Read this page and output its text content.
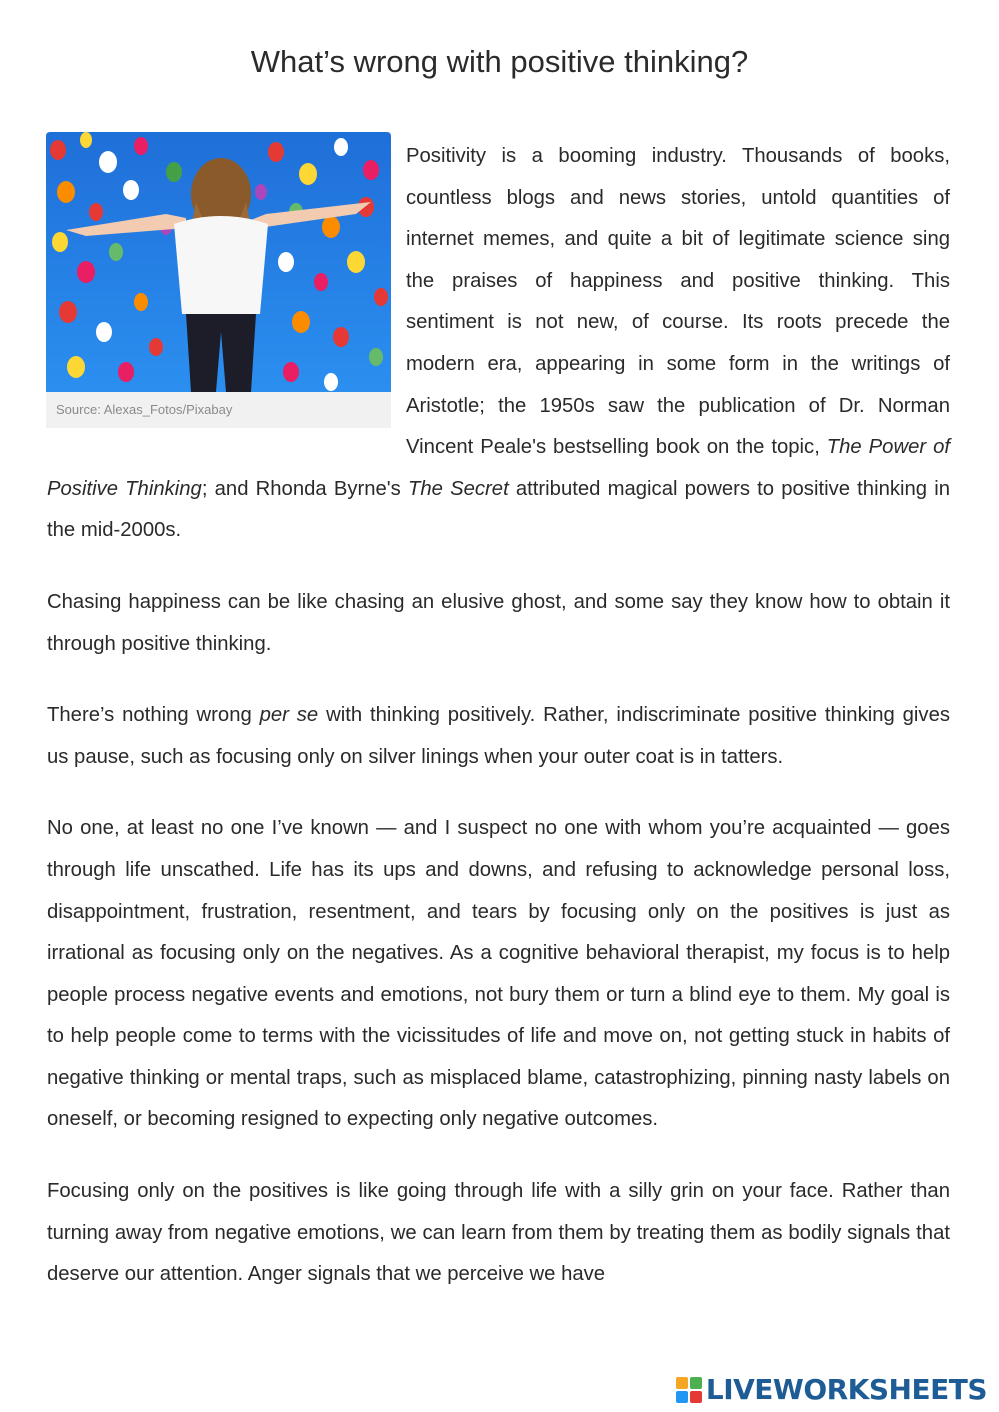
What’s wrong with positive thinking?
Source: Alexas_Fotos/Pixabay

Positivity is a booming industry. Thousands of books, countless blogs and news stories, untold quantities of internet memes, and quite a bit of legitimate science sing the praises of happiness and positive thinking. This sentiment is not new, of course. Its roots precede the modern era, appearing in some form in the writings of Aristotle; the 1950s saw the publication of Dr. Norman Vincent Peale's bestselling book on the topic, The Power of Positive Thinking; and Rhonda Byrne's The Secret attributed magical powers to positive thinking in the mid-2000s.

Chasing happiness can be like chasing an elusive ghost, and some say they know how to obtain it through positive thinking.

There’s nothing wrong per se with thinking positively. Rather, indiscriminate positive thinking gives us pause, such as focusing only on silver linings when your outer coat is in tatters.

No one, at least no one I’ve known — and I suspect no one with whom you’re acquainted — goes through life unscathed. Life has its ups and downs, and refusing to acknowledge personal loss, disappointment, frustration, resentment, and tears by focusing only on the positives is just as irrational as focusing only on the negatives. As a cognitive behavioral therapist, my focus is to help people process negative events and emotions, not bury them or turn a blind eye to them. My goal is to help people come to terms with the vicissitudes of life and move on, not getting stuck in habits of negative thinking or mental traps, such as misplaced blame, catastrophizing, pinning nasty labels on oneself, or becoming resigned to expecting only negative outcomes.

Focusing only on the positives is like going through life with a silly grin on your face. Rather than turning away from negative emotions, we can learn from them by treating them as bodily signals that deserve our attention. Anger signals that we perceive we have

LIVEWORKSHEETS
